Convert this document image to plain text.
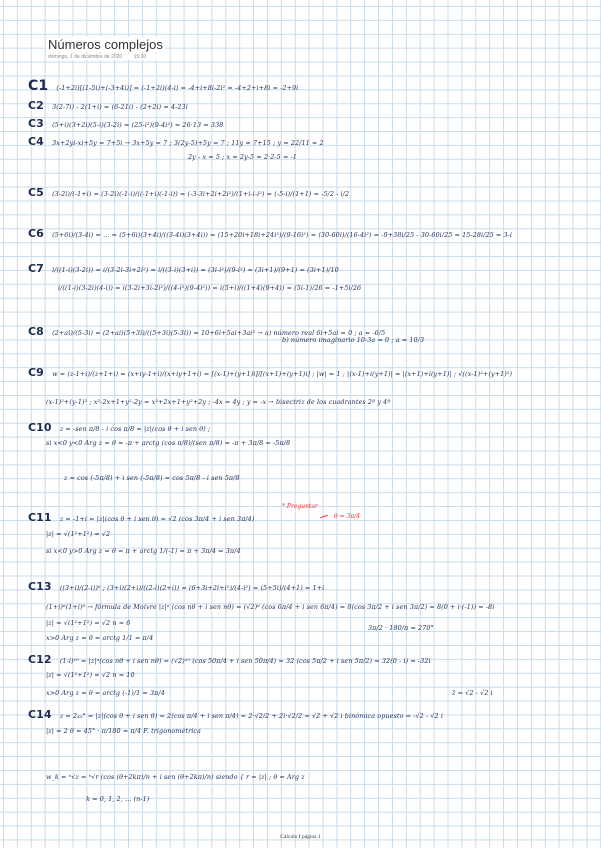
Números complejos
domingo, 1 de diciembre de 2020 15:30
C1 (-1+2i)[(1-5i)+(-3+4i)] = (-1+2i)(4-i) = -4+i+8i-2i² = -4+2+i+8i = -2+9i
C2 3(2-7i) - 2(1+i) = (6-21i) - (2+2i) = 4-23i
C3 (5+i)(3+2i)(5-i)(3-2i) = (25-i²)(9-4i²) = 26·13 = 338
C4 3x+2yi-xi+5y = 7+5i → 3x+5y = 7 ; 3(2y-5)+5y = 7 ; 11y = 7+15 ; y = 22/11 = 2
2y - x = 5 ; x = 2y-5 = 2·2-5 = -1
C5 (3-2i)/(-1+i) = (3-2i)(-1-i)/((-1+i)(-1-i)) = (-3-3i+2i+2i²)/(1+i-i-i²) = (-5-i)/(1+1) = -5/2 - i/2
C6 (5+6i)/(3-4i) = ... = (5+6i)(3+4i)/((3-4i)(3+4i)) = (15+20i+18i+24i²)/(9-16i²) = (30-60i)/(16-4i²) = -9+38i/25 - 30-60i/25 = 15-28i/25 = 3-i
C7 i/((1-i)(3-2i)) = i/(3-2i-3i+2i²) = i/((3-i)(3+i)) = (3i-i²)/(9-i²) = (3i+1)/(9+1) = (3i+1)/10
i/((1-i)(3-2i)(4-i)) = i(3-2i+3i-2i²)/((4-i²)(9-4i²)) = i(5+i)/((1+4)(9+4)) = (5i-1)/26 = -1+5i/26
C8 (2+ai)/(5-3i) = (2+ai)(5+3i)/((5+3i)(5-3i)) = 10+6i+5ai+3ai² → a) número real 6i+5ai = 0 ; a = -6/5
b) número imaginario 10-3a = 0 ; a = 10/3
C9 w = (z-1+i)/(z+1+i) = (x+iy-1+i)/(x+iy+1+i) = [(x-1)+(y+1)i]/[(x+1)+(y+1)i] ; |w| = 1 ; |(x-1)+i(y+1)| = |(x+1)+i(y+1)| ; √((x-1)²+(y+1)²)
(x-1)²+(y-1)² ; x²-2x+1+y²-2y = x²+2x+1+y²+2y ; -4x = 4y ; y = -x → bisectriz de los cuadrantes 2º y 4º
C10 z = -sen π/8 - i cos π/8 = |z|(cos θ + i sen θ) ;
si x<0 y<0 Arg z = θ = -π + arctg (cos π/8)/(sen π/8) = -π + 3π/8 = -5π/8
z = cos (-5π/8) + i sen (-5π/8) = cos 5π/8 - i sen 5π/8
C11 z = -1+i = |z|(cos θ + i sen θ) = √2 (cos 3π/4 + i sen 3π/4)
|z| = √(1²+1²) = √2
si x<0 y>0 Arg z = θ = π + arctg 1/(-1) = π + 3π/4 = 3π/4
* Preguntar
θ = 3π/4
C13 ((3+i)/(2-i))⁶ ; (3+i)(2+i)/((2-i)(2+i)) = (6+3i+2i+i²)/(4-i²) = (5+5i)/(4+1) = 1+i
(1+i)⁶(1+i)⁶ → fórmula de Moivre |z|ⁿ (cos nθ + i sen nθ) = (√2)⁶ (cos 6π/4 + i sen 6π/4) = 8(cos 3π/2 + i sen 3π/2) = 8(0 + i·(-1)) = -8i
|z| = √(1²+1²) = √2 n = 6
x>0 Arg z = θ = arctg 1/1 = π/4
3π/2 · 180/π = 270°
C12 (1-i)¹⁰ = |z|ⁿ(cos nθ + i sen nθ) = (√2)¹⁰ (cos 50π/4 + i sen 50π/4) = 32 (cos 5π/2 + i sen 5π/2) = 32(0 - i) = -32i
|z| = √(1²+1²) = √2 n = 10
x>0 Arg z = θ = arctg (-1)/1 = 3π/4	z̄ = √2 - √2 i
C14 z = 2₄₅° = |z|(cos θ + i sen θ) = 2(cos π/4 + i sen π/4) = 2·√2/2 + 2i·√2/2 = √2 + √2 i binómica opuesto = -√2 - √2 i
|z| = 2 θ = 45° · π/180 = π/4 F. trigonométrica
w_k = ⁿ√z = ⁿ√r (cos (θ+2kπ)/n + i sen (θ+2kπ)/n) siendo { r = |z| ; θ = Arg z
k = 0, 1, 2, ... (n-1)
Cálculo I página 1
